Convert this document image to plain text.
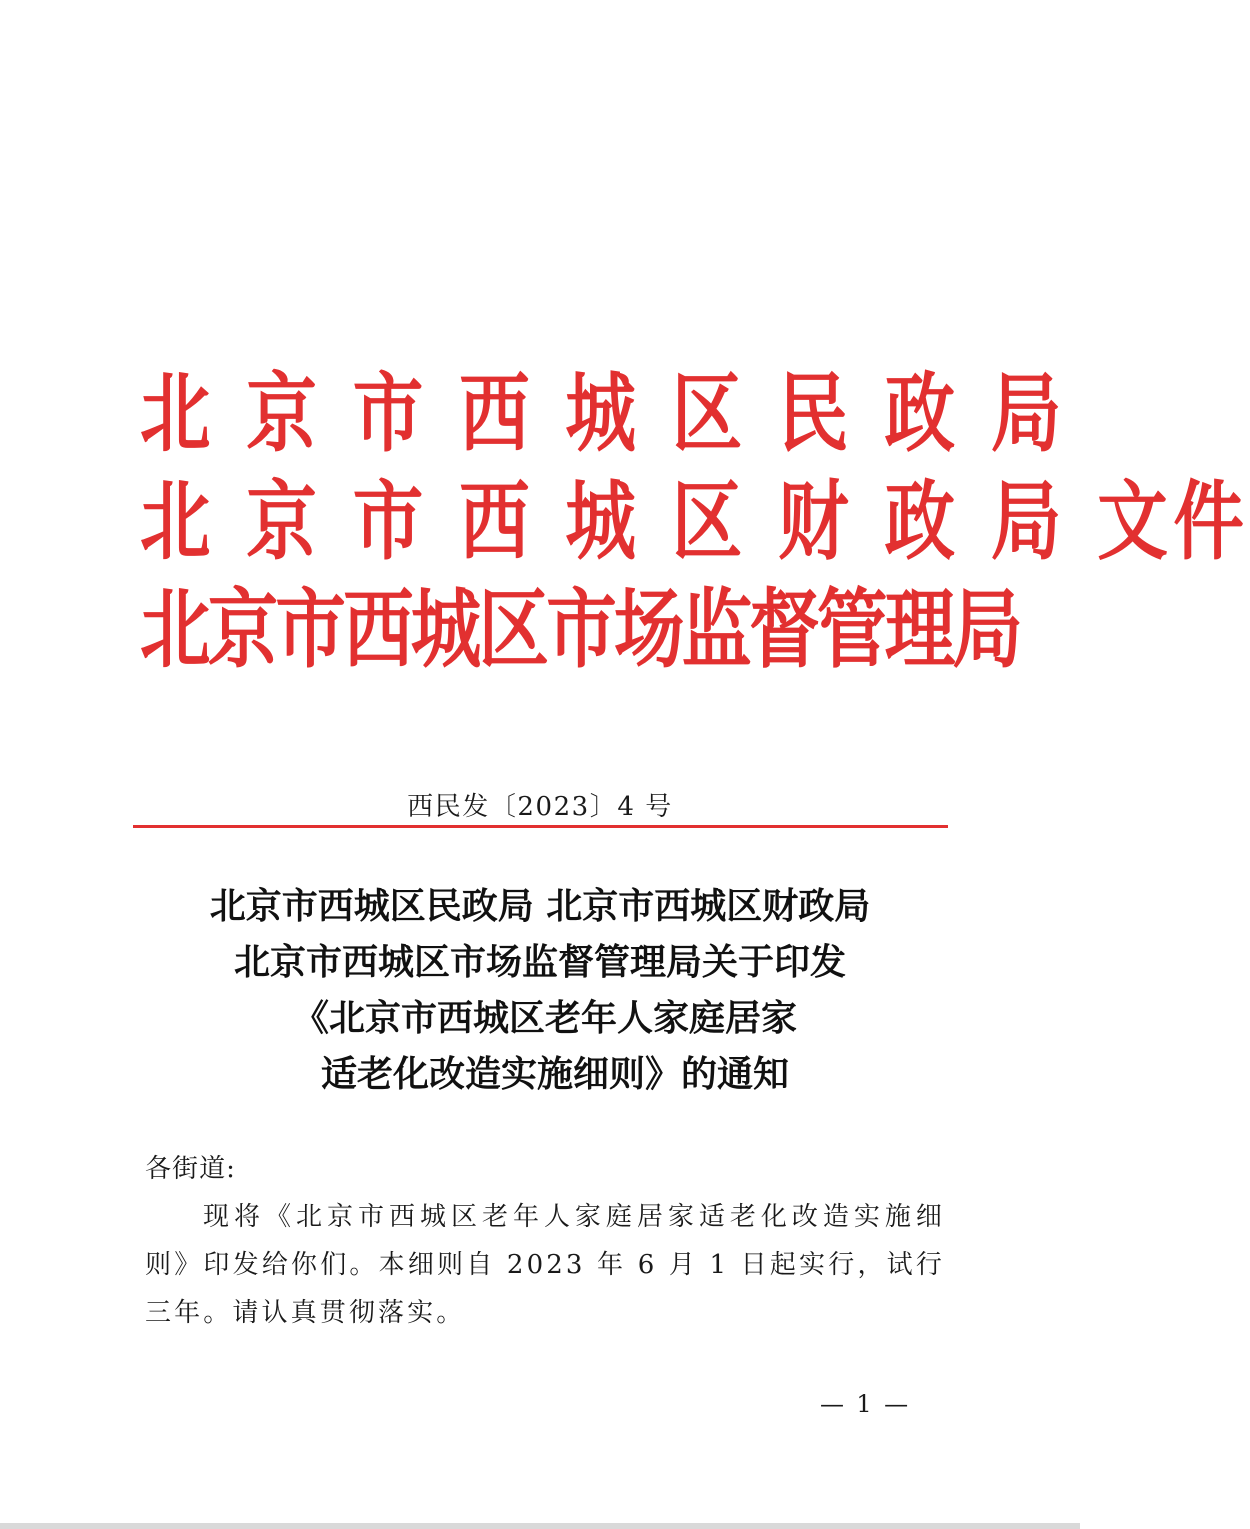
北 京 市 西 城 区 民 政 局
北 京 市 西 城 区 财 政 局 文件
北京市西城区市场监督管理局
西民发〔2023〕4 号
北京市西城区民政局 北京市西城区财政局
北京市西城区市场监督管理局关于印发
《北京市西城区老年人家庭居家
适老化改造实施细则》的通知
各街道:
现将《北京市西城区老年人家庭居家适老化改造实施细则》印发给你们。本细则自 2023 年 6 月 1 日起实行，试行三年。请认真贯彻落实。
— 1 —
